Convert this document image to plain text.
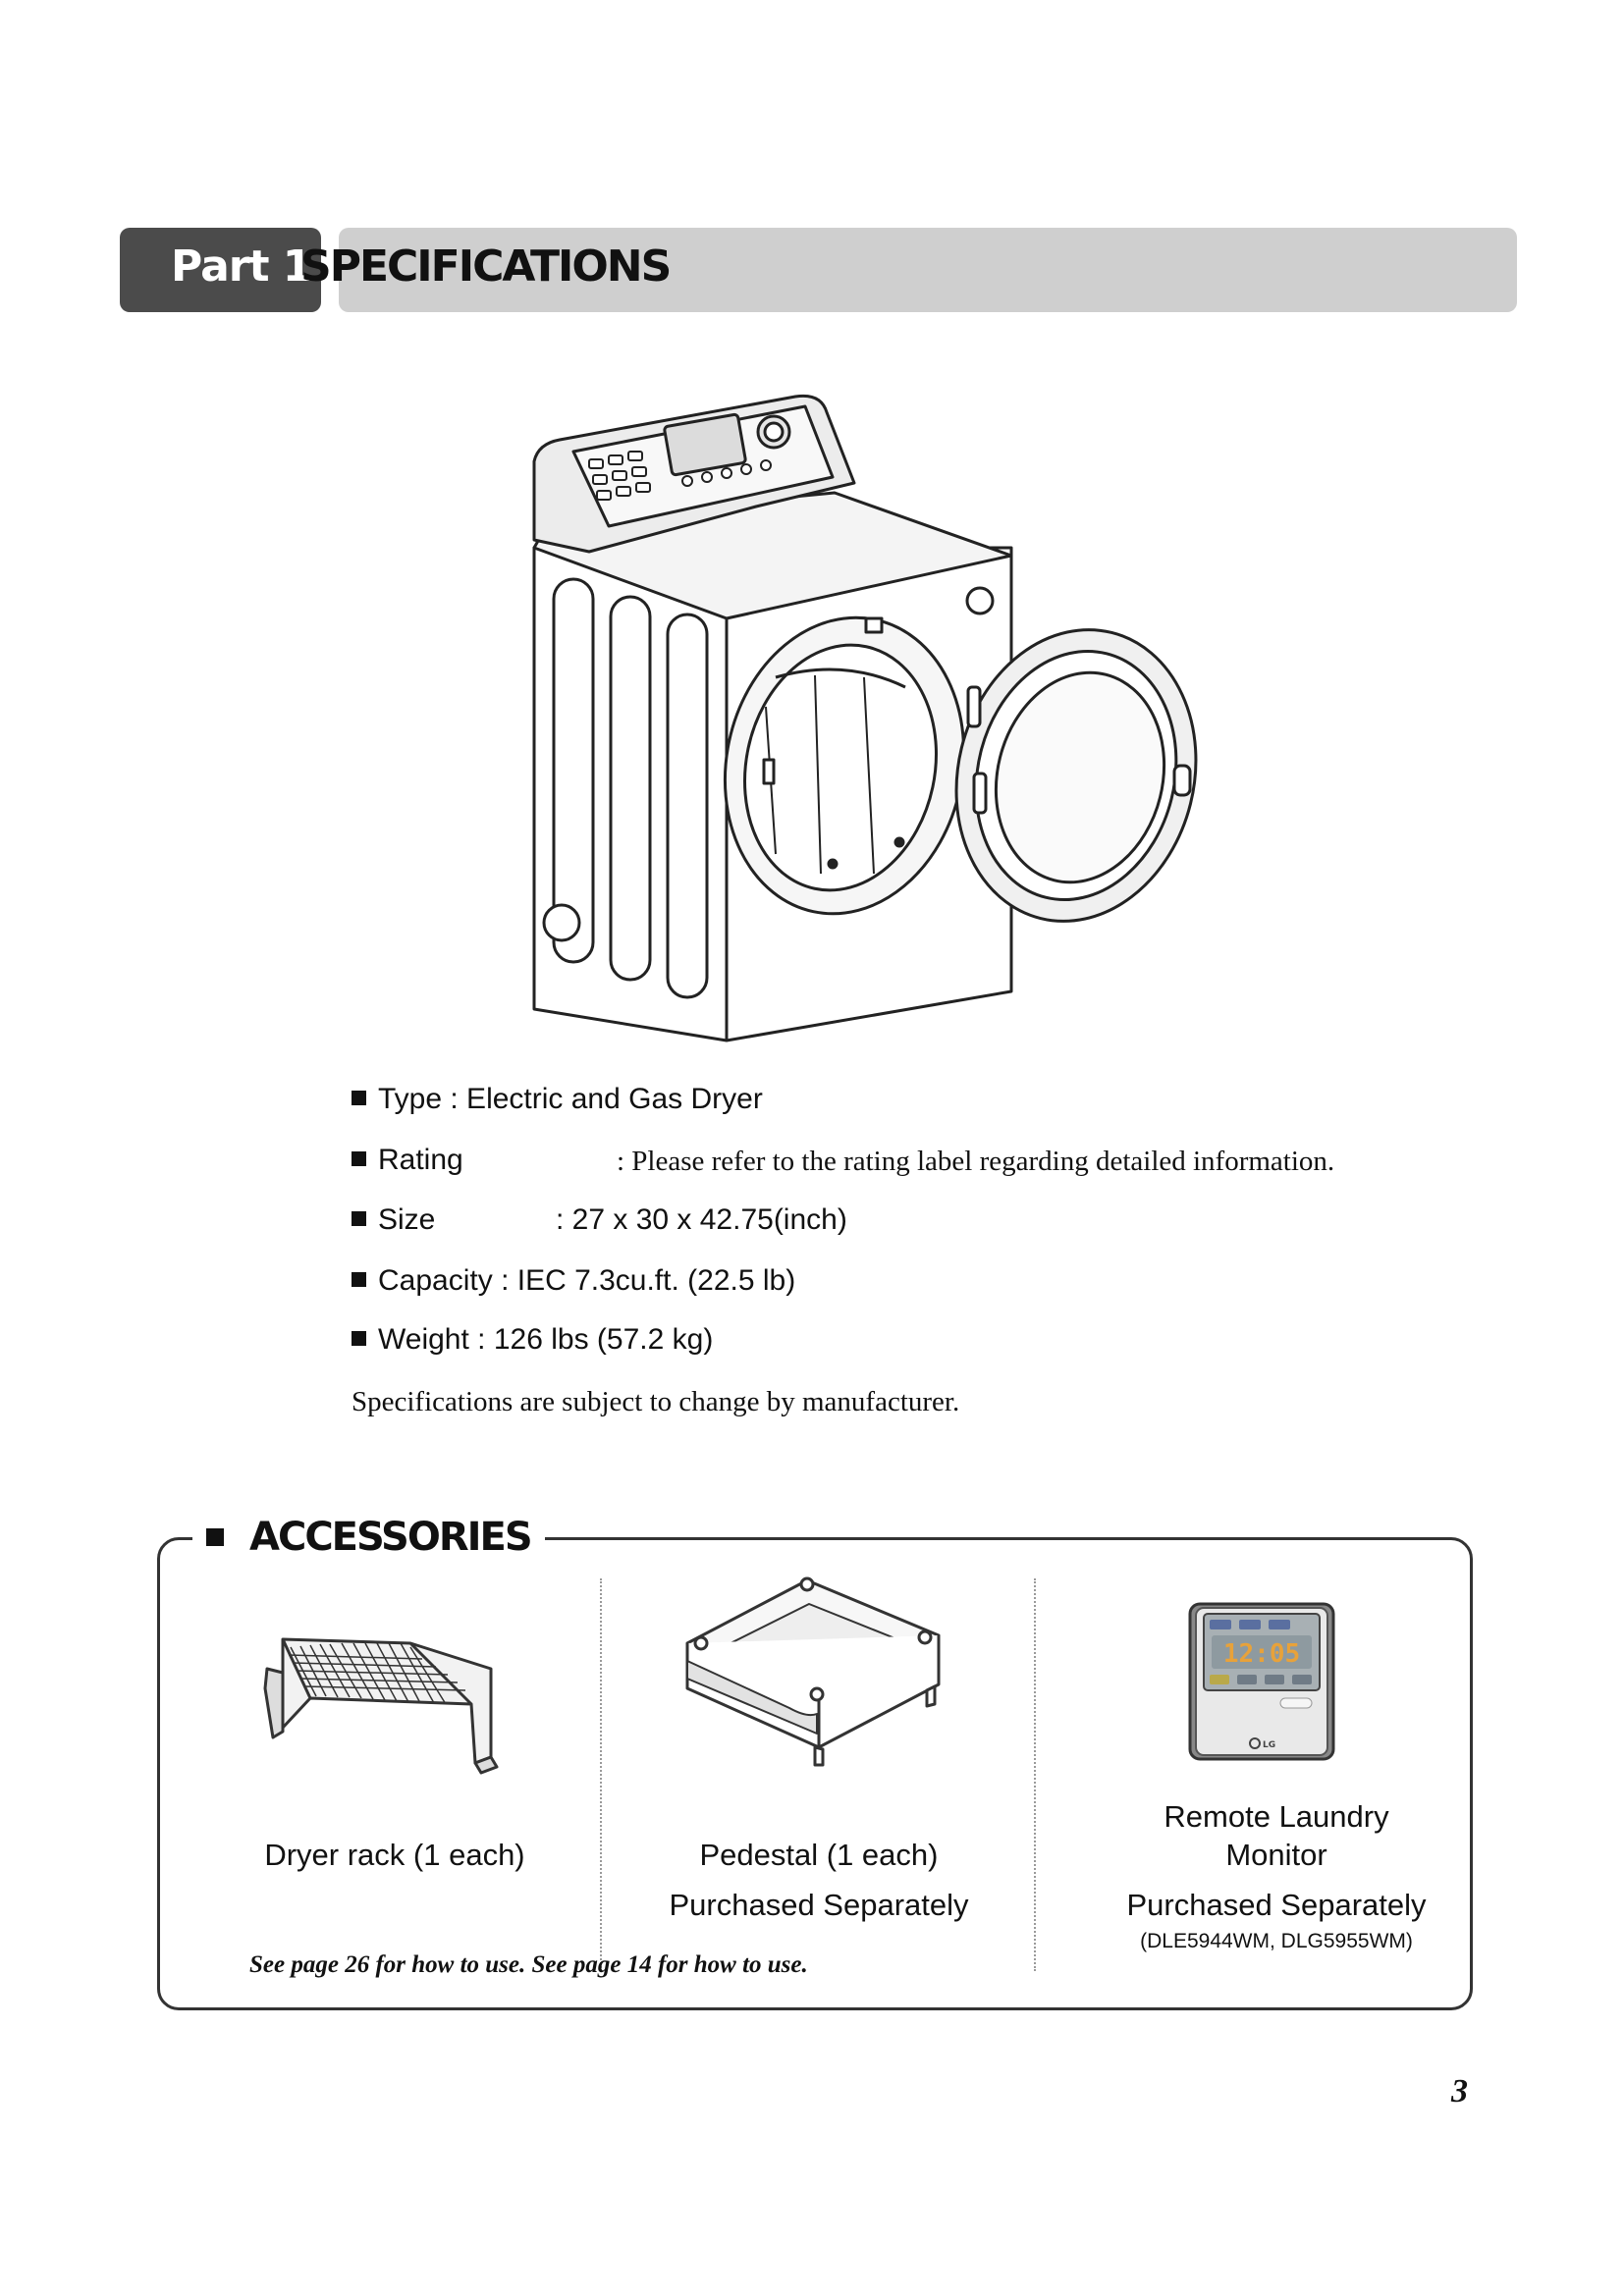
Part 1
SPECIFICATIONS
Type : Electric and Gas Dryer
Rating	: Please refer to the rating label regarding detailed information.
Size	: 27 x 30 x 42.75(inch)
Capacity : IEC 7.3cu.ft. (22.5 lb)
Weight : 126 lbs (57.2 kg)
Specifications are subject to change by manufacturer.
ACCESSORIES
12:05
LG
Dryer rack (1 each)	Pedestal (1 each)
Purchased Separately
Remote Laundry
Monitor
Purchased Separately
(DLE5944WM, DLG5955WM)
See page 26 for how to use. See page 14 for how to use.
3
